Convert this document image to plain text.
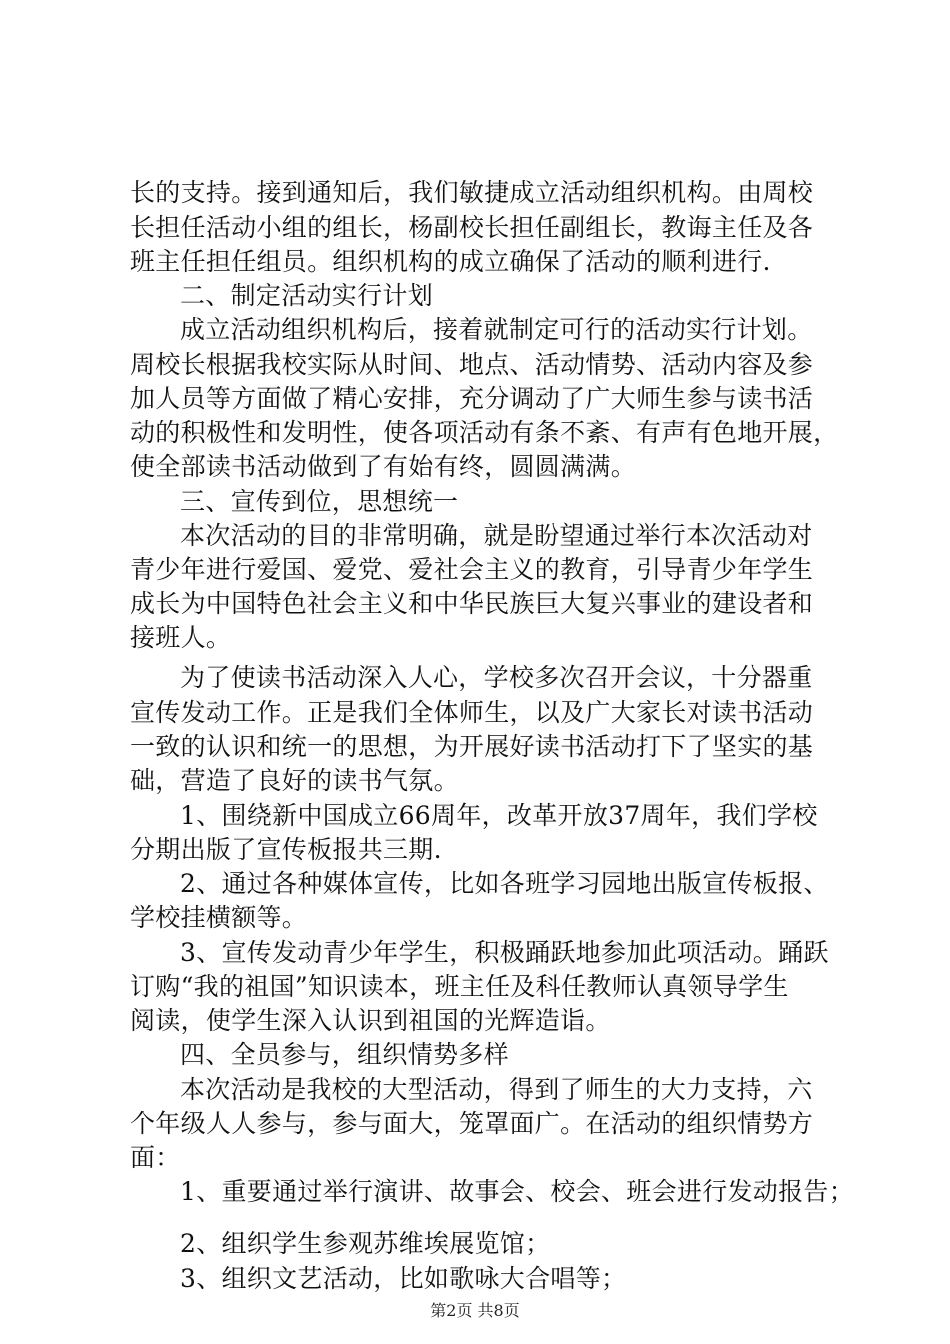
长的支持。接到通知后，我们敏捷成立活动组织机构。由周校
长担任活动小组的组长，杨副校长担任副组长，教诲主任及各
班主任担任组员。组织机构的成立确保了活动的顺利进行.
二、制定活动实行计划
成立活动组织机构后，接着就制定可行的活动实行计划。
周校长根据我校实际从时间、地点、活动情势、活动内容及参
加人员等方面做了精心安排，充分调动了广大师生参与读书活
动的积极性和发明性，使各项活动有条不紊、有声有色地开展，
使全部读书活动做到了有始有终，圆圆满满。
三、宣传到位，思想统一
本次活动的目的非常明确，就是盼望通过举行本次活动对
青少年进行爱国、爱党、爱社会主义的教育，引导青少年学生
成长为中国特色社会主义和中华民族巨大复兴事业的建设者和
接班人。
为了使读书活动深入人心，学校多次召开会议，十分器重
宣传发动工作。正是我们全体师生，以及广大家长对读书活动
一致的认识和统一的思想，为开展好读书活动打下了坚实的基
础，营造了良好的读书气氛。
1、围绕新中国成立66周年，改革开放37周年，我们学校
分期出版了宣传板报共三期.
2、通过各种媒体宣传，比如各班学习园地出版宣传板报、
学校挂横额等。
3、宣传发动青少年学生，积极踊跃地参加此项活动。踊跃
订购“我的祖国”知识读本，班主任及科任教师认真领导学生
阅读，使学生深入认识到祖国的光辉造诣。
四、全员参与，组织情势多样
本次活动是我校的大型活动，得到了师生的大力支持，六
个年级人人参与，参与面大，笼罩面广。在活动的组织情势方
面：
1、重要通过举行演讲、故事会、校会、班会进行发动报告；
2、组织学生参观苏维埃展览馆；
3、组织文艺活动，比如歌咏大合唱等；
第2页 共8页
